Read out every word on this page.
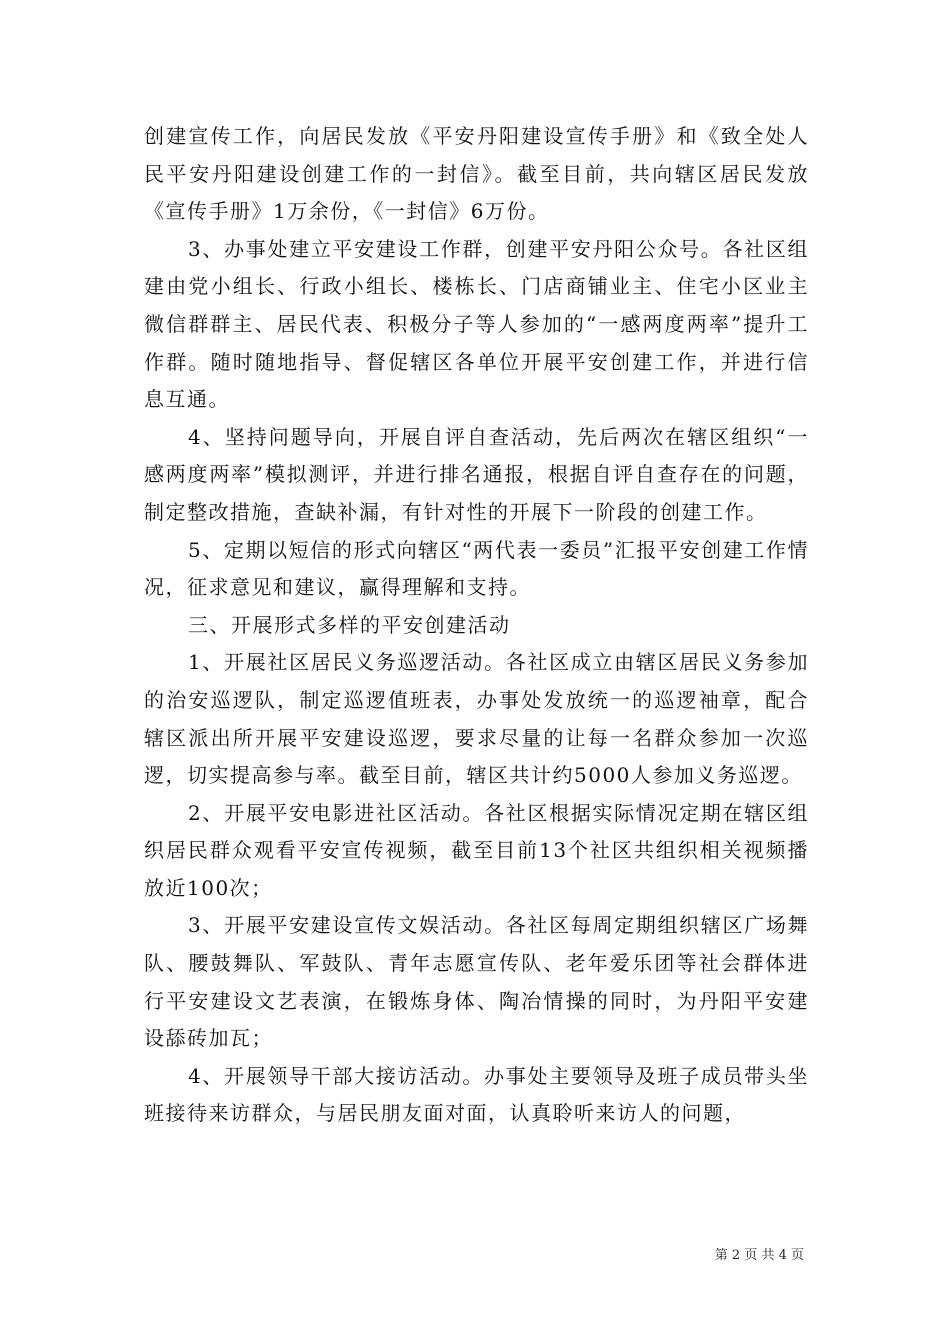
创建宣传工作，向居民发放《平安丹阳建设宣传手册》和《致全处人民平安丹阳建设创建工作的一封信》。截至目前，共向辖区居民发放《宣传手册》1万余份，《一封信》6万份。

3、办事处建立平安建设工作群，创建平安丹阳公众号。各社区组建由党小组长、行政小组长、楼栋长、门店商铺业主、住宅小区业主微信群群主、居民代表、积极分子等人参加的“一感两度两率”提升工作群。随时随地指导、督促辖区各单位开展平安创建工作，并进行信息互通。

4、坚持问题导向，开展自评自查活动，先后两次在辖区组织“一感两度两率”模拟测评，并进行排名通报，根据自评自查存在的问题，制定整改措施，查缺补漏，有针对性的开展下一阶段的创建工作。

5、定期以短信的形式向辖区“两代表一委员”汇报平安创建工作情况，征求意见和建议，赢得理解和支持。

三、开展形式多样的平安创建活动

1、开展社区居民义务巡逻活动。各社区成立由辖区居民义务参加的治安巡逻队，制定巡逻值班表，办事处发放统一的巡逻袖章，配合辖区派出所开展平安建设巡逻，要求尽量的让每一名群众参加一次巡逻，切实提高参与率。截至目前，辖区共计约5000人参加义务巡逻。

2、开展平安电影进社区活动。各社区根据实际情况定期在辖区组织居民群众观看平安宣传视频，截至目前13个社区共组织相关视频播放近100次；

3、开展平安建设宣传文娱活动。各社区每周定期组织辖区广场舞队、腰鼓舞队、军鼓队、青年志愿宣传队、老年爱乐团等社会群体进行平安建设文艺表演，在锻炼身体、陶冶情操的同时，为丹阳平安建设舔砖加瓦；

4、开展领导干部大接访活动。办事处主要领导及班子成员带头坐班接待来访群众，与居民朋友面对面，认真聆听来访人的问题，

第 2 页 共 4 页
